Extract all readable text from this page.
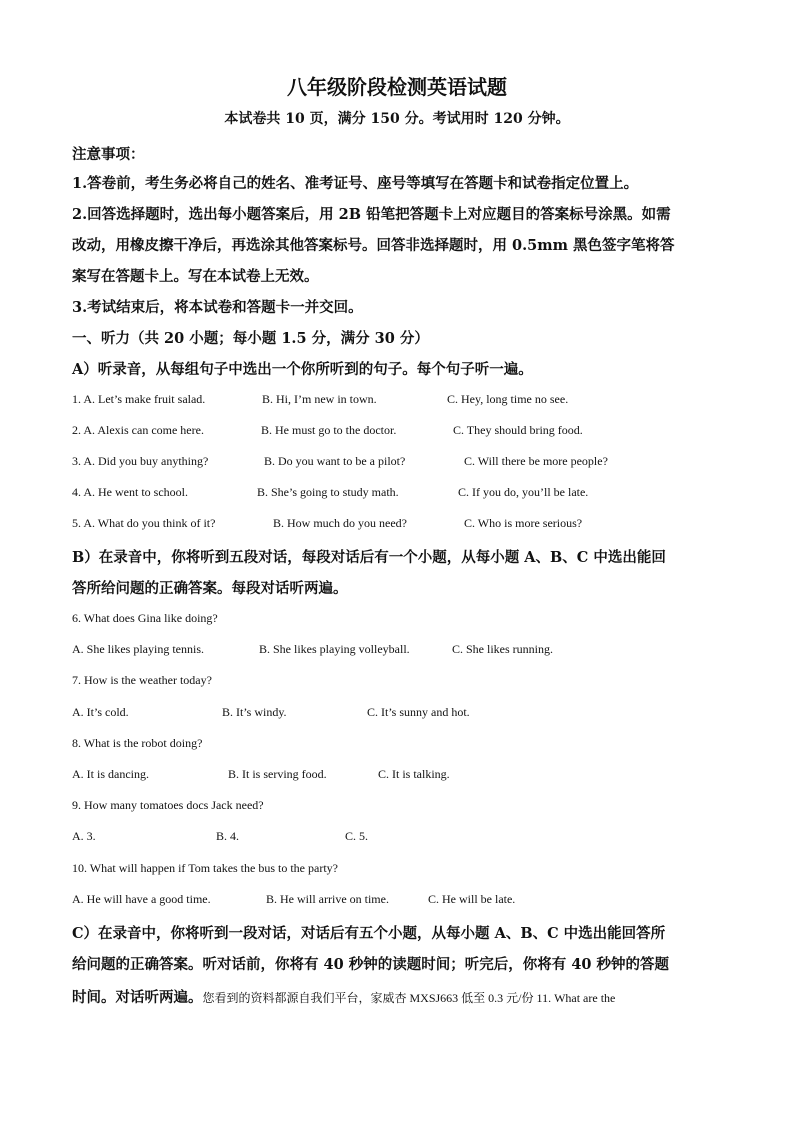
八年级阶段检测英语试题
本试卷共 10 页，满分 150 分。考试用时 120 分钟。
注意事项：
1.答卷前，考生务必将自己的姓名、准考证号、座号等填写在答题卡和试卷指定位置上。
2.回答选择题时，选出每小题答案后，用 2B 铅笔把答题卡上对应题目的答案标号涂黑。如需
改动，用橡皮擦干净后，再选涂其他答案标号。回答非选择题时，用 0.5mm 黑色签字笔将答
案写在答题卡上。写在本试卷上无效。
3.考试结束后，将本试卷和答题卡一并交回。
一、听力（共 20 小题；每小题 1.5 分，满分 30 分）
A）听录音，从每组句子中选出一个你所听到的句子。每个句子听一遍。
1. A. Let’s make fruit salad.	B. Hi, I’m new in town.	C. Hey, long time no see.
2. A. Alexis can come here.	B. He must go to the doctor.	C. They should bring food.
3. A. Did you buy anything?	B. Do you want to be a pilot?	C. Will there be more people?
4. A. He went to school.	B. She’s going to study math.	C. If you do, you’ll be late.
5. A. What do you think of it?	B. How much do you need?	C. Who is more serious?
B）在录音中，你将听到五段对话，每段对话后有一个小题，从每小题 A、B、C 中选出能回
答所给问题的正确答案。每段对话听两遍。
6. What does Gina like doing?
A. She likes playing tennis.	B. She likes playing volleyball.	C. She likes running.
7. How is the weather today?
A. It’s cold.	B. It’s windy.	C. It’s sunny and hot.
8. What is the robot doing?
A. It is dancing.	B. It is serving food.	C. It is talking.
9. How many tomatoes docs Jack need?
A. 3.	B. 4.	C. 5.
10. What will happen if Tom takes the bus to the party?
A. He will have a good time.	B. He will arrive on time.	C. He will be late.
C）在录音中，你将听到一段对话，对话后有五个小题，从每小题 A、B、C 中选出能回答所
给问题的正确答案。听对话前，你将有 40 秒钟的读题时间；听完后，你将有 40 秒钟的答题
时间。对话听两遍。您看到的资料都源自我们平台，家威杏 MXSJ663 低至 0.3 元/份 11. What are the
